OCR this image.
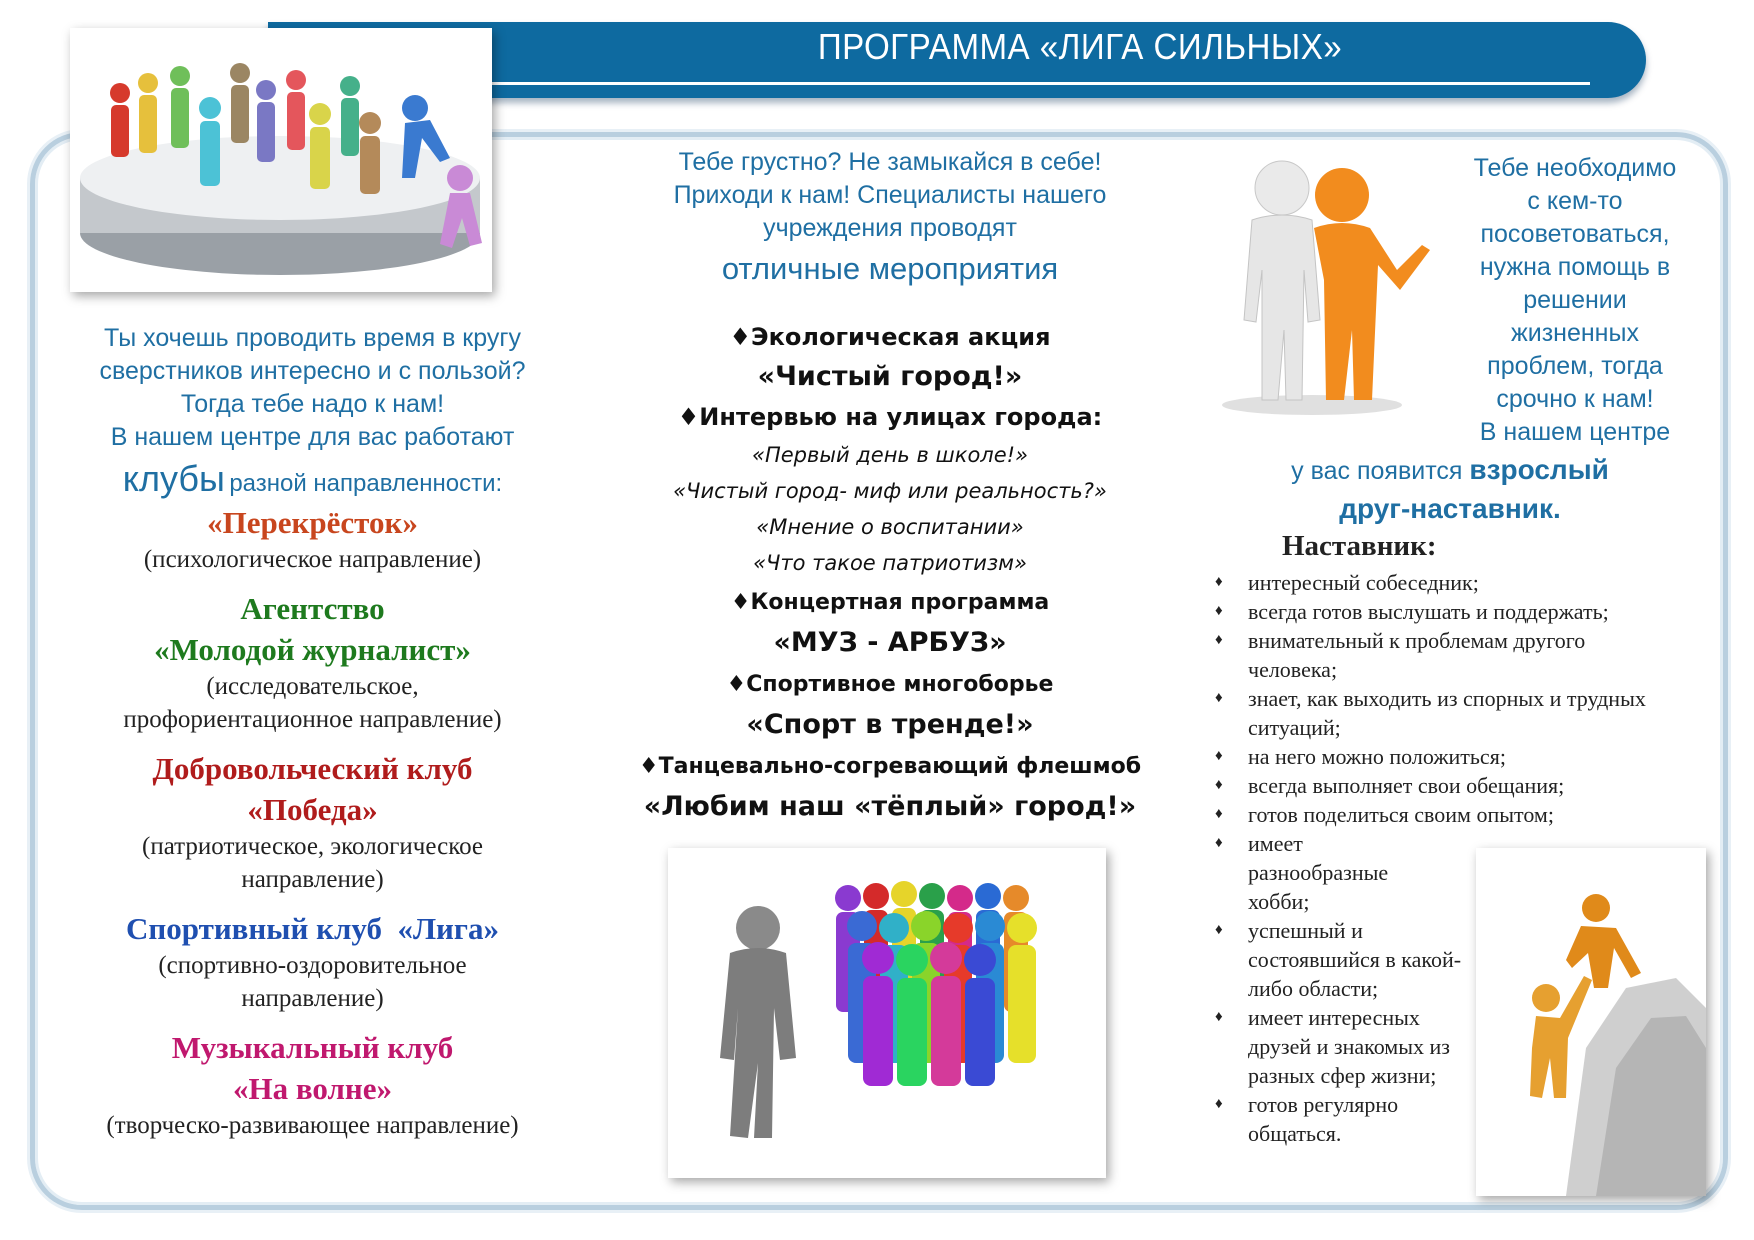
ПРОГРАММА «ЛИГА СИЛЬНЫХ»
Ты хочешь проводить время в кругу
сверстников интересно и с пользой?
Тогда тебе надо к нам!
В нашем центре для вас работают
клубы разной направленности:
«Перекрёсток»
(психологическое направление)
Агентство
«Молодой журналист»
(исследовательское,
профориентационное направление)
Добровольческий клуб
«Победа»
(патриотическое, экологическое
направление)
Спортивный клуб  «Лига»
(спортивно-оздоровительное
направление)
Музыкальный клуб
«На волне»
(творческо-развивающее направление)
Тебе грустно? Не замыкайся в себе!
Приходи к нам! Специалисты нашего
учреждения проводят
отличные мероприятия
♦Экологическая акция
«Чистый город!»
♦Интервью на улицах города:
«Первый день в школе!»
«Чистый город- миф или реальность?»
«Мнение о воспитании»
«Что такое патриотизм»
♦Концертная программа
«МУЗ - АРБУЗ»
♦Спортивное многоборье
«Спорт в тренде!»
♦Танцевально-согревающий флешмоб
«Любим наш «тёплый» город!»
Тебе необходимо
с кем-то
посоветоваться,
нужна помощь в
решении
жизненных
проблем, тогда
срочно к нам!
В нашем центре
у вас появится взрослый
друг-наставник.
Наставник:
♦ интересный собеседник;
♦ всегда готов выслушать и поддержать;
♦ внимательный к проблемам другого человека;
♦ знает, как выходить из спорных и трудных ситуаций;
♦ на него можно положиться;
♦ всегда выполняет свои обещания;
♦ готов поделиться своим опытом;
♦ имеет разнообразные хобби;
♦ успешный и состоявшийся в какой-либо области;
♦ имеет интересных друзей и знакомых из разных сфер жизни;
♦ готов регулярно общаться.
